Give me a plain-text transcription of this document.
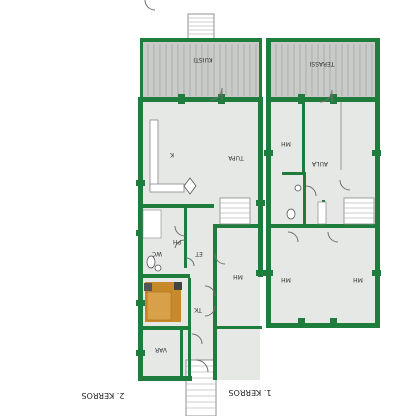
KUISTI
TUPA
K
MH
WC	ET
PH
TK
VAR
TERASSI
AULA
MH
MH	MH
2. KERROS	1. KERROS
